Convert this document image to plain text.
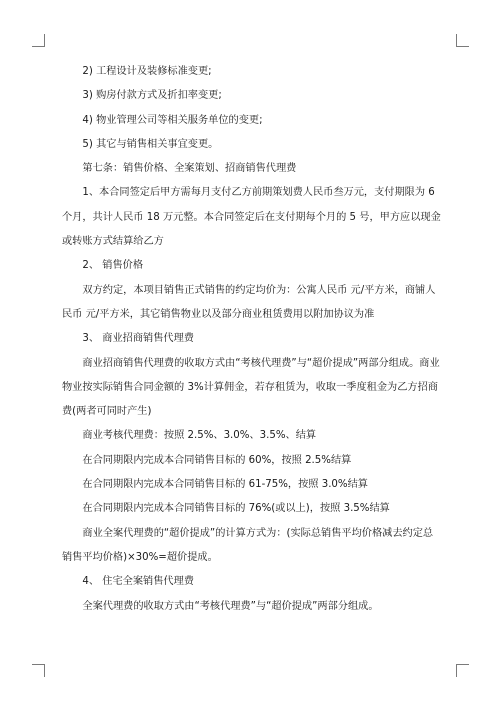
2) 工程设计及装修标准变更;

3) 购房付款方式及折扣率变更;

4) 物业管理公司等相关服务单位的变更;

5) 其它与销售相关事宜变更。

第七条：销售价格、全案策划、招商销售代理费

1、本合同签定后甲方需每月支付乙方前期策划费人民币叁万元，支付期限为 6 个月，共计人民币 18 万元整。本合同签定后在支付期每个月的 5 号，甲方应以现金或转账方式结算给乙方

2、 销售价格

双方约定，本项目销售正式销售的约定均价为：公寓人民币 元/平方米，商铺人民币 元/平方米，其它销售物业以及部分商业租赁费用以附加协议为准

3、 商业招商销售代理费

商业招商销售代理费的收取方式由“考核代理费”与“超价提成”两部分组成。商业物业按实际销售合同金额的 3%计算佣金，若存租赁为，收取一季度租金为乙方招商费(两者可同时产生)

商业考核代理费：按照 2.5%、3.0%、3.5%、结算

在合同期限内完成本合同销售目标的 60%，按照 2.5%结算

在合同期限内完成本合同销售目标的 61-75%，按照 3.0%结算

在合同期限内完成本合同销售目标的 76%(或以上)，按照 3.5%结算

商业全案代理费的“超价提成”的计算方式为：(实际总销售平均价格减去约定总销售平均价格)×30%=超价提成。

4、 住宅全案销售代理费

全案代理费的收取方式由“考核代理费”与“超价提成”两部分组成。
